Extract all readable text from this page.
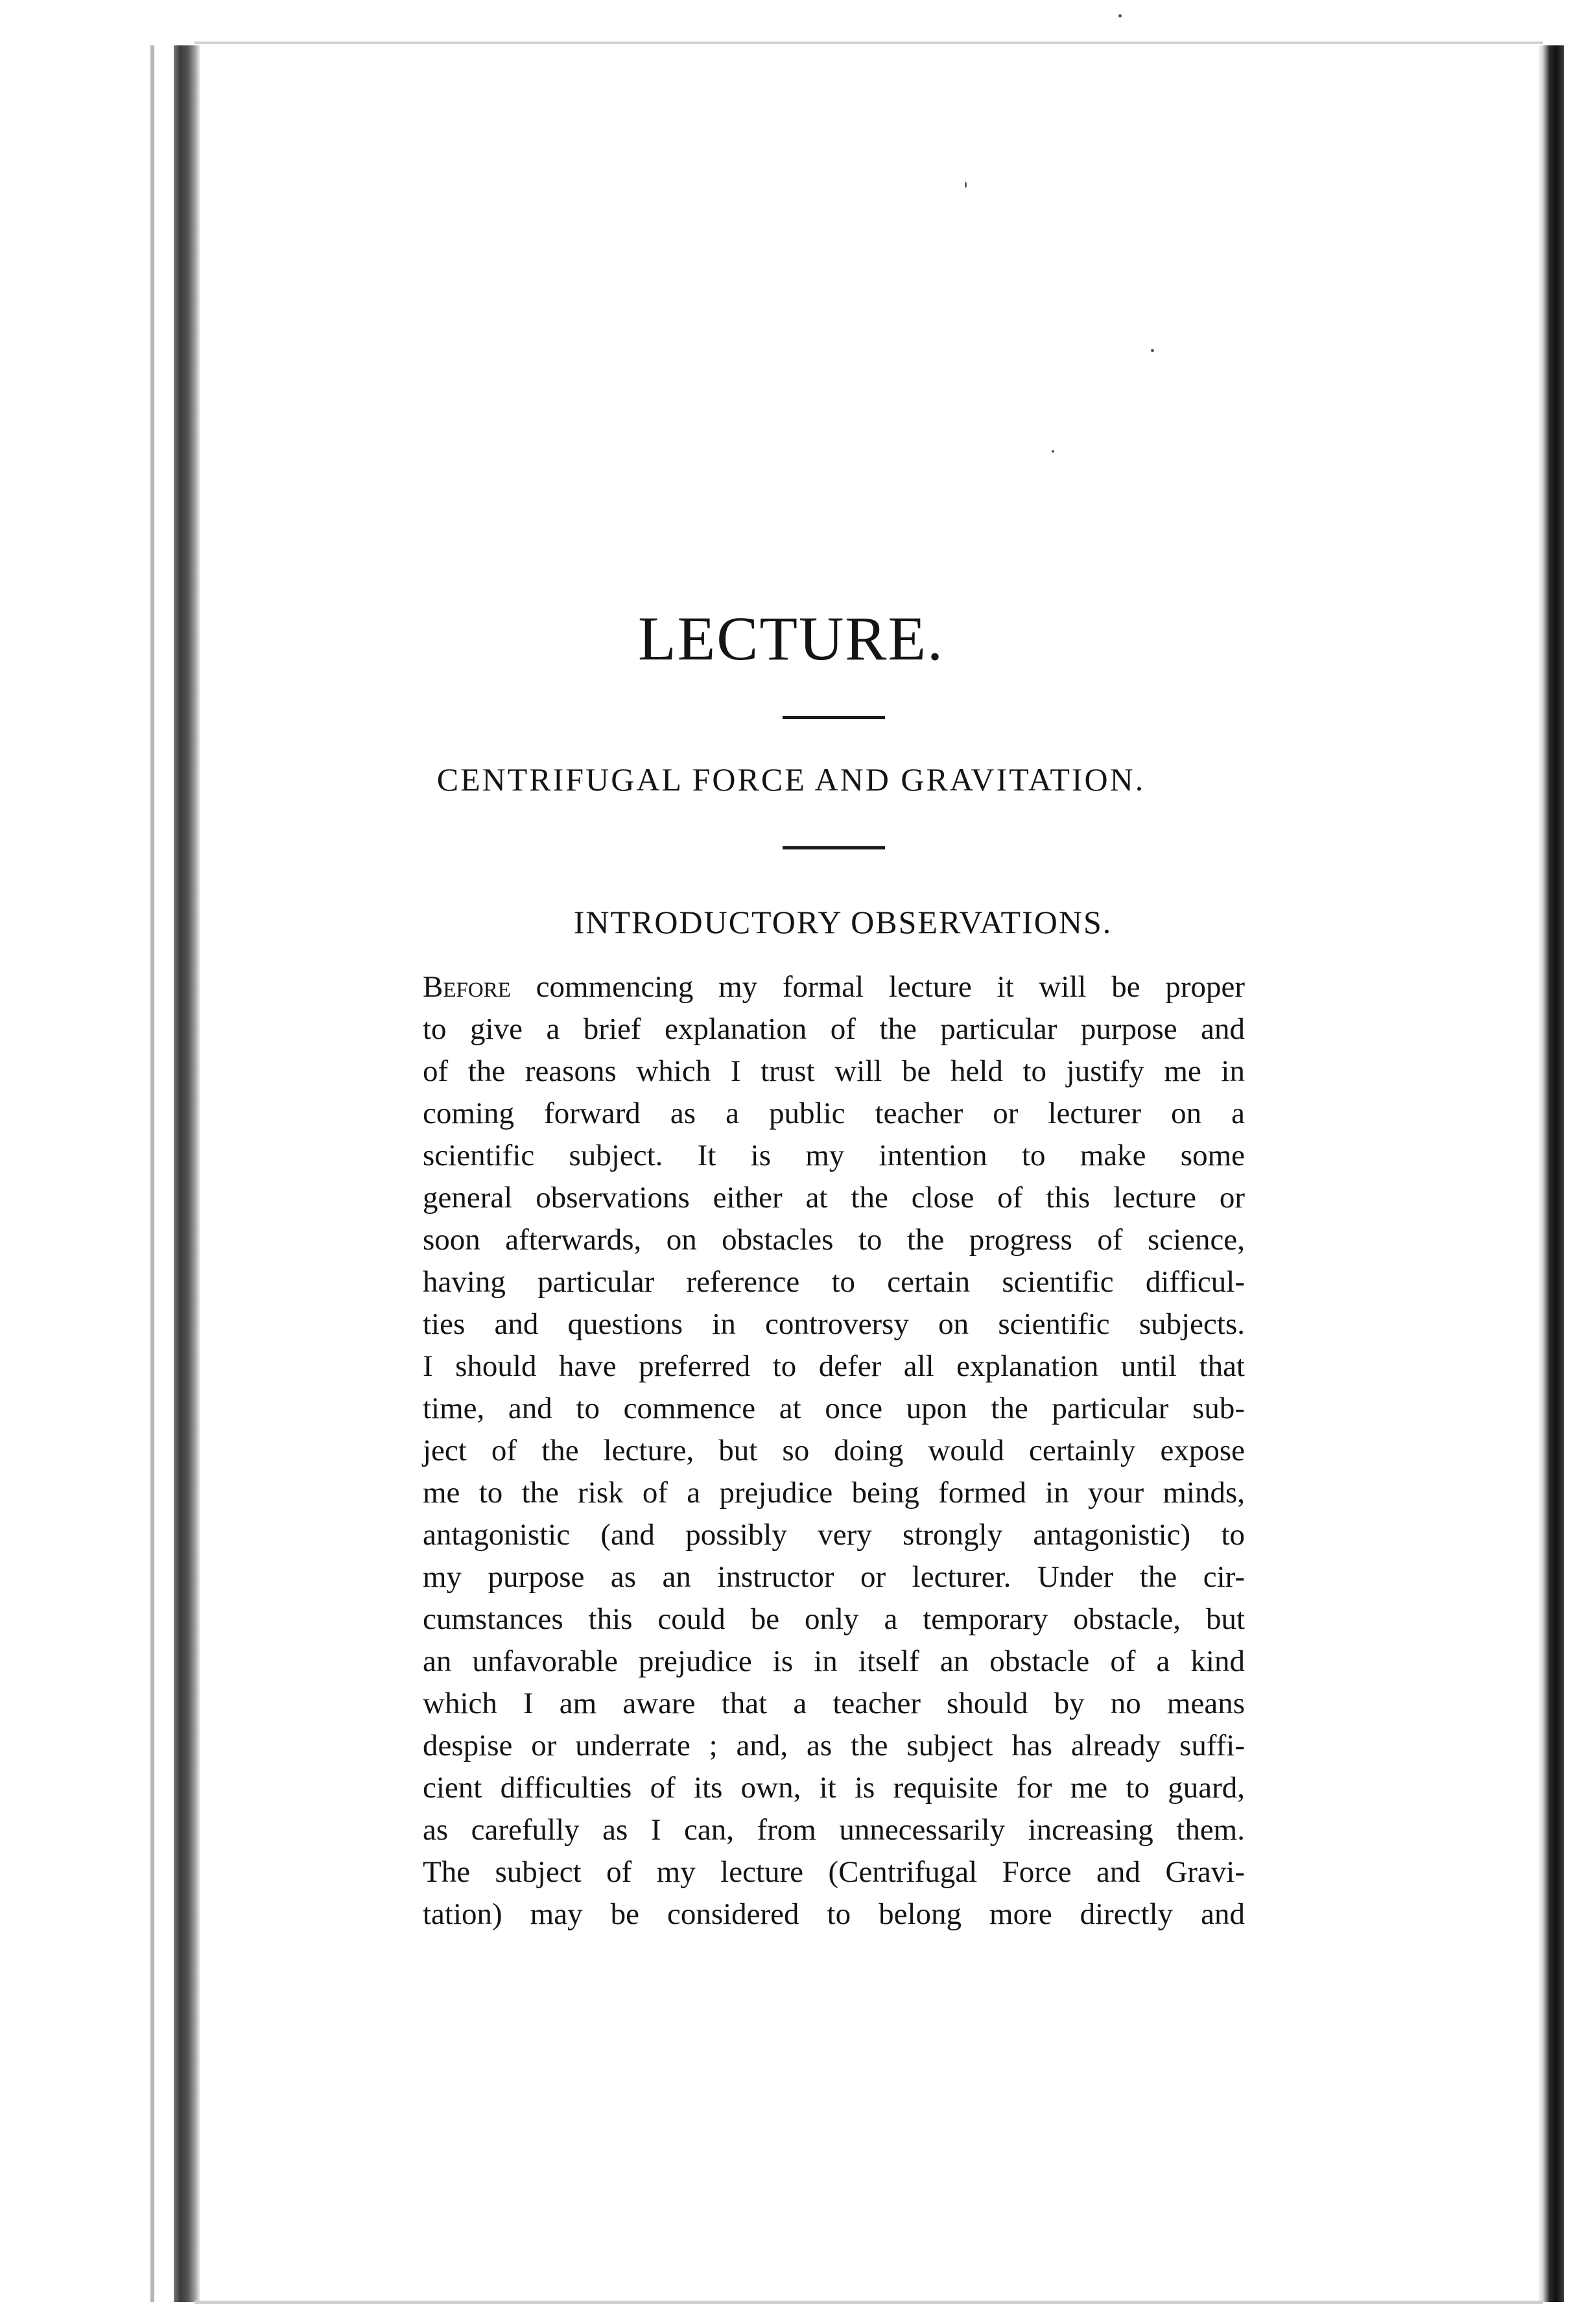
LECTURE.
CENTRIFUGAL FORCE AND GRAVITATION.
INTRODUCTORY OBSERVATIONS.
Before commencing my formal lecture it will be proper
to give a brief explanation of the particular purpose and
of the reasons which I trust will be held to justify me in
coming forward as a public teacher or lecturer on a
scientific subject. It is my intention to make some
general observations either at the close of this lecture or
soon afterwards, on obstacles to the progress of science,
having particular reference to certain scientific difficul-
ties and questions in controversy on scientific subjects.
I should have preferred to defer all explanation until that
time, and to commence at once upon the particular sub-
ject of the lecture, but so doing would certainly expose
me to the risk of a prejudice being formed in your minds,
antagonistic (and possibly very strongly antagonistic) to
my purpose as an instructor or lecturer. Under the cir-
cumstances this could be only a temporary obstacle, but
an unfavorable prejudice is in itself an obstacle of a kind
which I am aware that a teacher should by no means
despise or underrate ; and, as the subject has already suffi-
cient difficulties of its own, it is requisite for me to guard,
as carefully as I can, from unnecessarily increasing them.
The subject of my lecture (Centrifugal Force and Gravi-
tation) may be considered to belong more directly and
